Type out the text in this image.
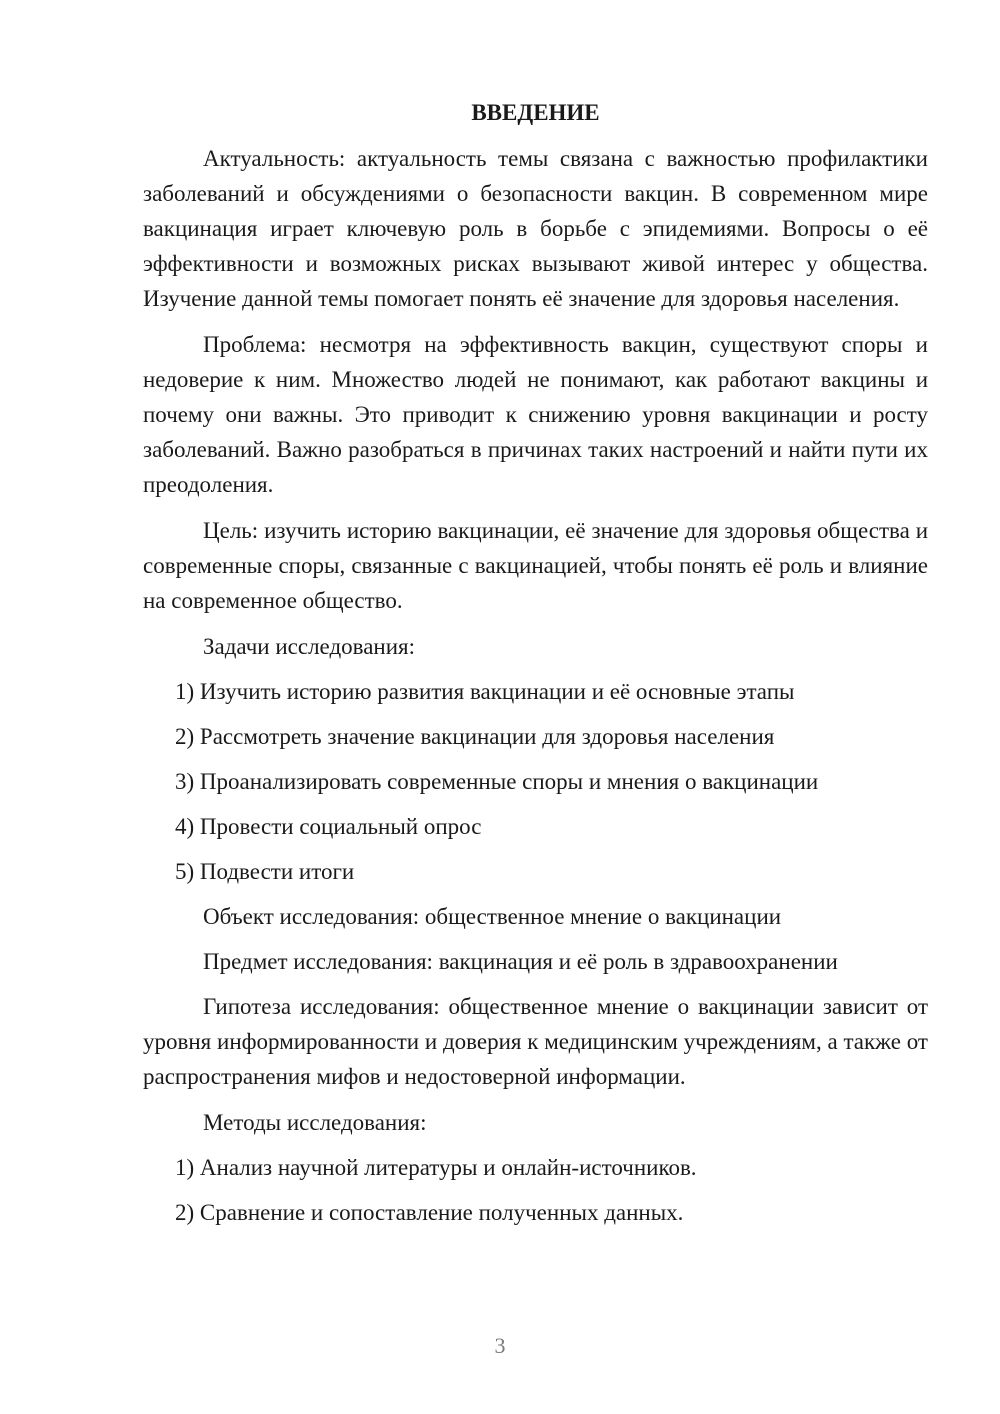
ВВЕДЕНИЕ

Актуальность: актуальность темы связана с важностью профилактики заболеваний и обсуждениями о безопасности вакцин. В современном мире вакцинация играет ключевую роль в борьбе с эпидемиями. Вопросы о её эффективности и возможных рисках вызывают живой интерес у общества. Изучение данной темы помогает понять её значение для здоровья населения.

Проблема: несмотря на эффективность вакцин, существуют споры и недоверие к ним. Множество людей не понимают, как работают вакцины и почему они важны. Это приводит к снижению уровня вакцинации и росту заболеваний. Важно разобраться в причинах таких настроений и найти пути их преодоления.

Цель: изучить историю вакцинации, её значение для здоровья общества и современные споры, связанные с вакцинацией, чтобы понять её роль и влияние на современное общество.

Задачи исследования:
1) Изучить историю развития вакцинации и её основные этапы
2) Рассмотреть значение вакцинации для здоровья населения
3) Проанализировать современные споры и мнения о вакцинации
4) Провести социальный опрос
5) Подвести итоги
Объект исследования: общественное мнение о вакцинации
Предмет исследования: вакцинация и её роль в здравоохранении

Гипотеза исследования: общественное мнение о вакцинации зависит от уровня информированности и доверия к медицинским учреждениям, а также от распространения мифов и недостоверной информации.

Методы исследования:
1) Анализ научной литературы и онлайн-источников.
2) Сравнение и сопоставление полученных данных.
3
